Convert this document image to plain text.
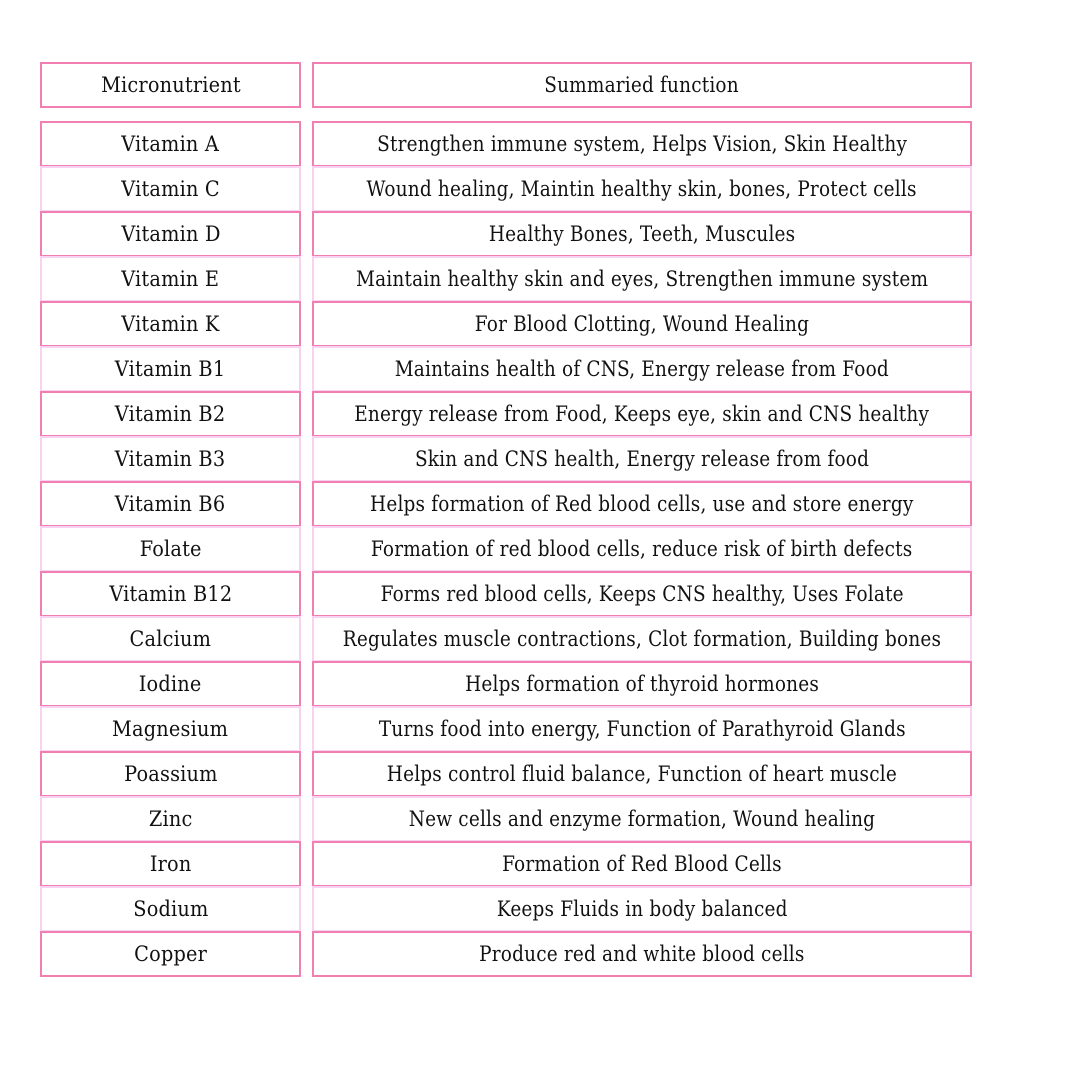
Micronutrient	Summaried function
Vitamin A	Strengthen immune system, Helps Vision, Skin Healthy
Vitamin C	Wound healing, Maintin healthy skin, bones, Protect cells
Vitamin D	Healthy Bones, Teeth, Muscules
Vitamin E	Maintain healthy skin and eyes, Strengthen immune system
Vitamin K	For Blood Clotting, Wound Healing
Vitamin B1	Maintains health of CNS, Energy release from Food
Vitamin B2	Energy release from Food, Keeps eye, skin and CNS healthy
Vitamin B3	Skin and CNS health, Energy release from food
Vitamin B6	Helps formation of Red blood cells, use and store energy
Folate	Formation of red blood cells, reduce risk of birth defects
Vitamin B12	Forms red blood cells, Keeps CNS healthy, Uses Folate
Calcium	Regulates muscle contractions, Clot formation, Building bones
Iodine	Helps formation of thyroid hormones
Magnesium	Turns food into energy, Function of Parathyroid Glands
Poassium	Helps control fluid balance, Function of heart muscle
Zinc	New cells and enzyme formation, Wound healing
Iron	Formation of Red Blood Cells
Sodium	Keeps Fluids in body balanced
Copper	Produce red and white blood cells
